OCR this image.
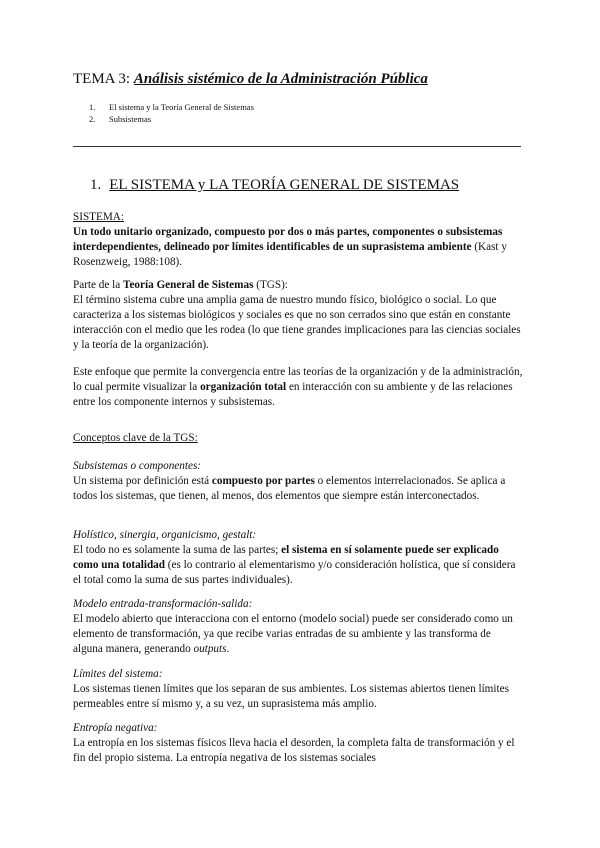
TEMA 3: Análisis sistémico de la Administración Pública
1. El sistema y la Teoría General de Sistemas
2. Subsistemas
1. EL SISTEMA y LA TEORÍA GENERAL DE SISTEMAS

SISTEMA:

Un todo unitario organizado, compuesto por dos o más partes, componentes o subsistemas interdependientes, delineado por límites identificables de un suprasistema ambiente (Kast y Rosenzweig, 1988:108).

Parte de la Teoría General de Sistemas (TGS):

El término sistema cubre una amplia gama de nuestro mundo físico, biológico o social. Lo que caracteriza a los sistemas biológicos y sociales es que no son cerrados sino que están en constante interacción con el medio que les rodea (lo que tiene grandes implicaciones para las ciencias sociales y la teoría de la organización).

Este enfoque que permite la convergencia entre las teorías de la organización y de la administración, lo cual permite visualizar la organización total en interacción con su ambiente y de las relaciones entre los componente internos y subsistemas.

Conceptos clave de la TGS:

Subsistemas o componentes:

Un sistema por definición está compuesto por partes o elementos interrelacionados. Se aplica a todos los sistemas, que tienen, al menos, dos elementos que siempre están interconectados.

Holístico, sinergia, organicismo, gestalt:

El todo no es solamente la suma de las partes; el sistema en sí solamente puede ser explicado como una totalidad (es lo contrario al elementarismo y/o consideración holística, que sí considera el total como la suma de sus partes individuales).

Modelo entrada-transformación-salida:

El modelo abierto que interacciona con el entorno (modelo social) puede ser considerado como un elemento de transformación, ya que recibe varias entradas de su ambiente y las transforma de alguna manera, generando outputs.

Límites del sistema:

Los sistemas tienen límites que los separan de sus ambientes. Los sistemas abiertos tienen límites permeables entre sí mismo y, a su vez, un suprasistema más amplio.

Entropía negativa:

La entropía en los sistemas físicos lleva hacia el desorden, la completa falta de transformación y el fin del propio sistema. La entropía negativa de los sistemas sociales
